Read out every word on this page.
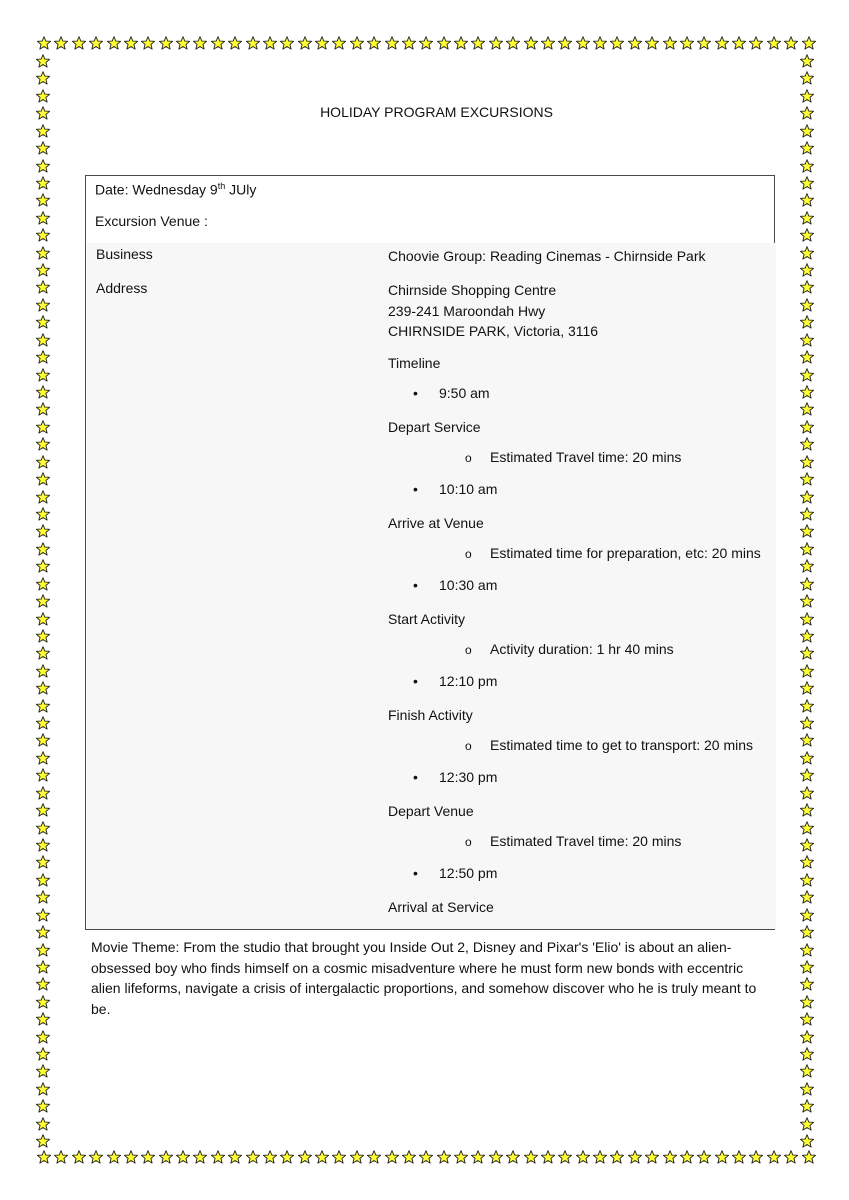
HOLIDAY PROGRAM EXCURSIONS
Date: Wednesday 9th JUly
Excursion Venue :
Business	Choovie Group: Reading Cinemas - Chirnside Park
Address	Chirnside Shopping Centre
239-241 Maroondah Hwy
CHIRNSIDE PARK, Victoria, 3116
Timeline
• 9:50 am
Depart Service
o Estimated Travel time: 20 mins
• 10:10 am
Arrive at Venue
o Estimated time for preparation, etc: 20 mins
• 10:30 am
Start Activity
o Activity duration: 1 hr 40 mins
• 12:10 pm
Finish Activity
o Estimated time to get to transport: 20 mins
• 12:30 pm
Depart Venue
o Estimated Travel time: 20 mins
• 12:50 pm
Arrival at Service
Movie Theme: From the studio that brought you Inside Out 2, Disney and Pixar's 'Elio' is about an alien-obsessed boy who finds himself on a cosmic misadventure where he must form new bonds with eccentric alien lifeforms, navigate a crisis of intergalactic proportions, and somehow discover who he is truly meant to be.
